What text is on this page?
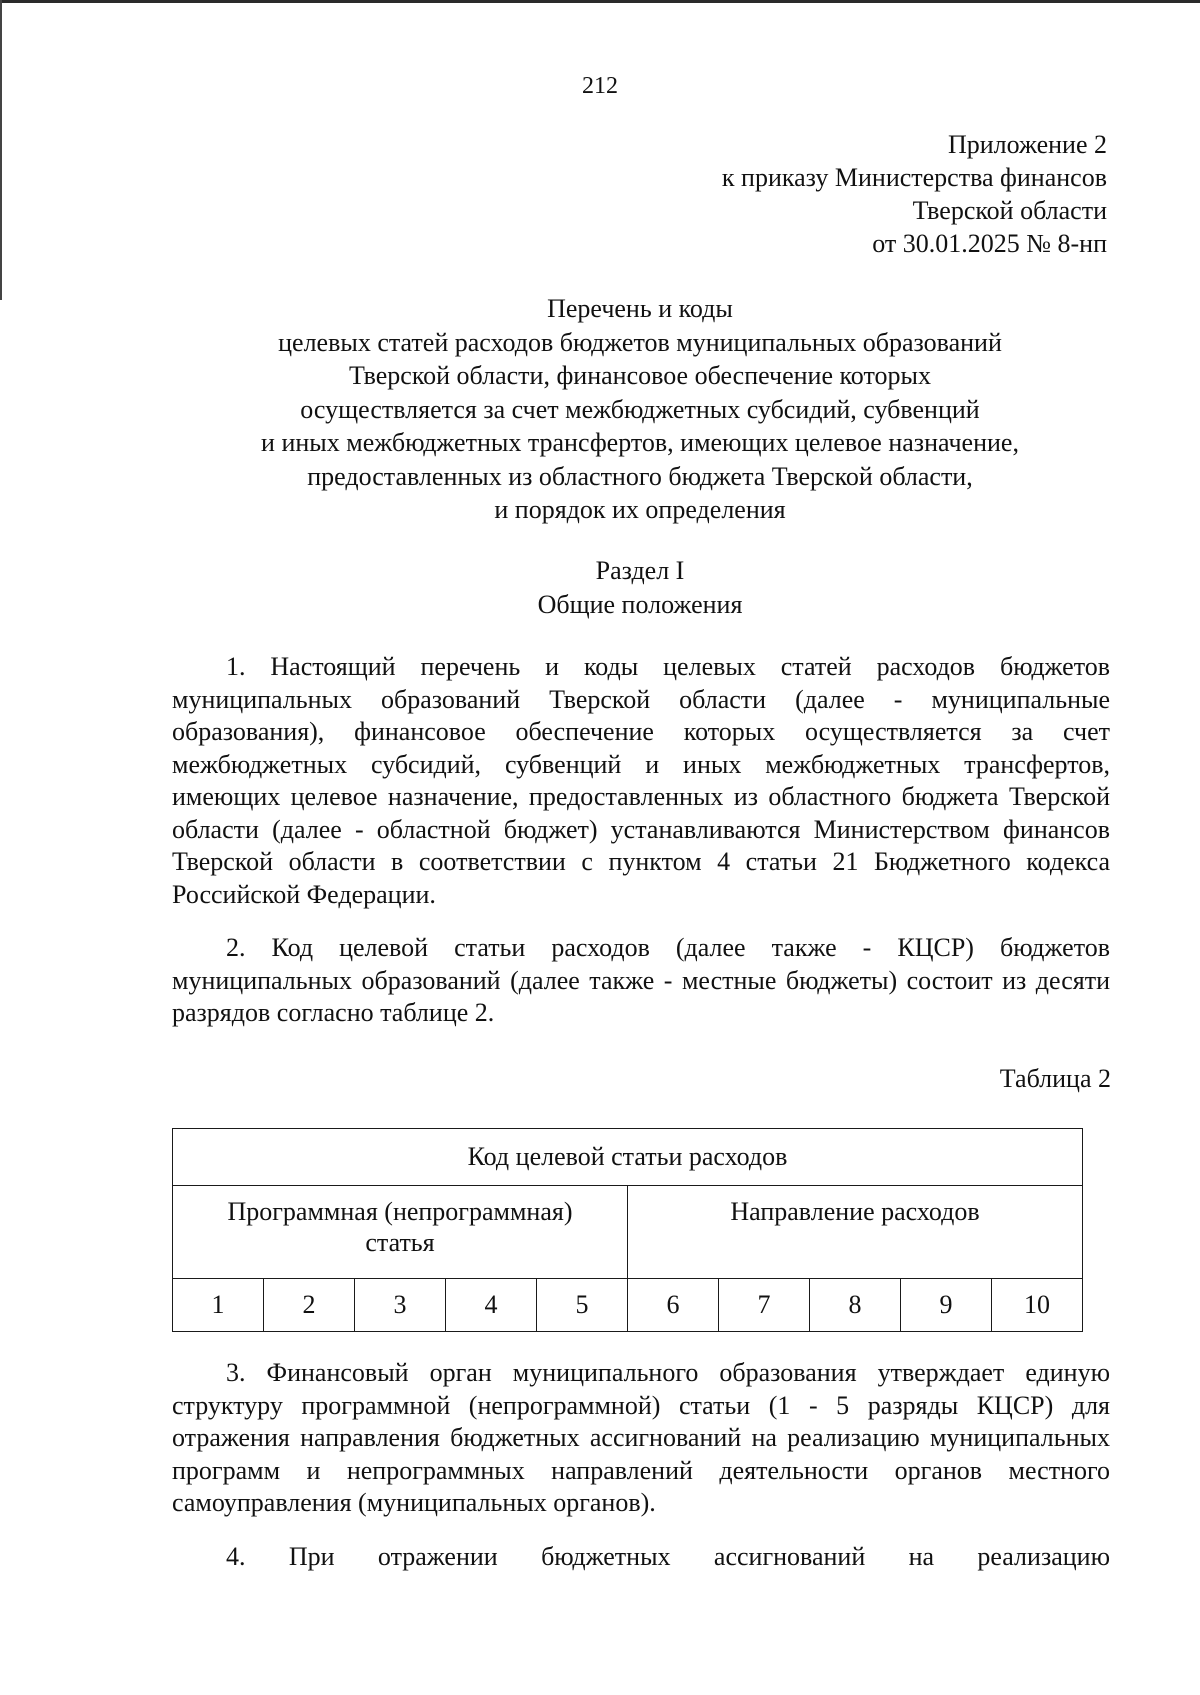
212
Приложение 2
к приказу Министерства финансов
Тверской области
от 30.01.2025 № 8-нп
Перечень и коды
целевых статей расходов бюджетов муниципальных образований
Тверской области, финансовое обеспечение которых
осуществляется за счет межбюджетных субсидий, субвенций
и иных межбюджетных трансфертов, имеющих целевое назначение,
предоставленных из областного бюджета Тверской области,
и порядок их определения
Раздел I
Общие положения

1. Настоящий перечень и коды целевых статей расходов бюджетов муниципальных образований Тверской области (далее - муниципальные образования), финансовое обеспечение которых осуществляется за счет межбюджетных субсидий, субвенций и иных межбюджетных трансфертов, имеющих целевое назначение, предоставленных из областного бюджета Тверской области (далее - областной бюджет) устанавливаются Министерством финансов Тверской области в соответствии с пунктом 4 статьи 21 Бюджетного кодекса Российской Федерации.

2. Код целевой статьи расходов (далее также - КЦСР) бюджетов муниципальных образований (далее также - местные бюджеты) состоит из десяти разрядов согласно таблице 2.

Таблица 2
Код целевой статьи расходов									

Программная (непрограммная)
статья					Направление расходов				
1	2	3	4	5	6	7	8	9	10

3. Финансовый орган муниципального образования утверждает единую структуру программной (непрограммной) статьи (1 - 5 разряды КЦСР) для отражения направления бюджетных ассигнований на реализацию муниципальных программ и непрограммных направлений деятельности органов местного самоуправления (муниципальных органов).

4. При отражении бюджетных ассигнований на реализацию
